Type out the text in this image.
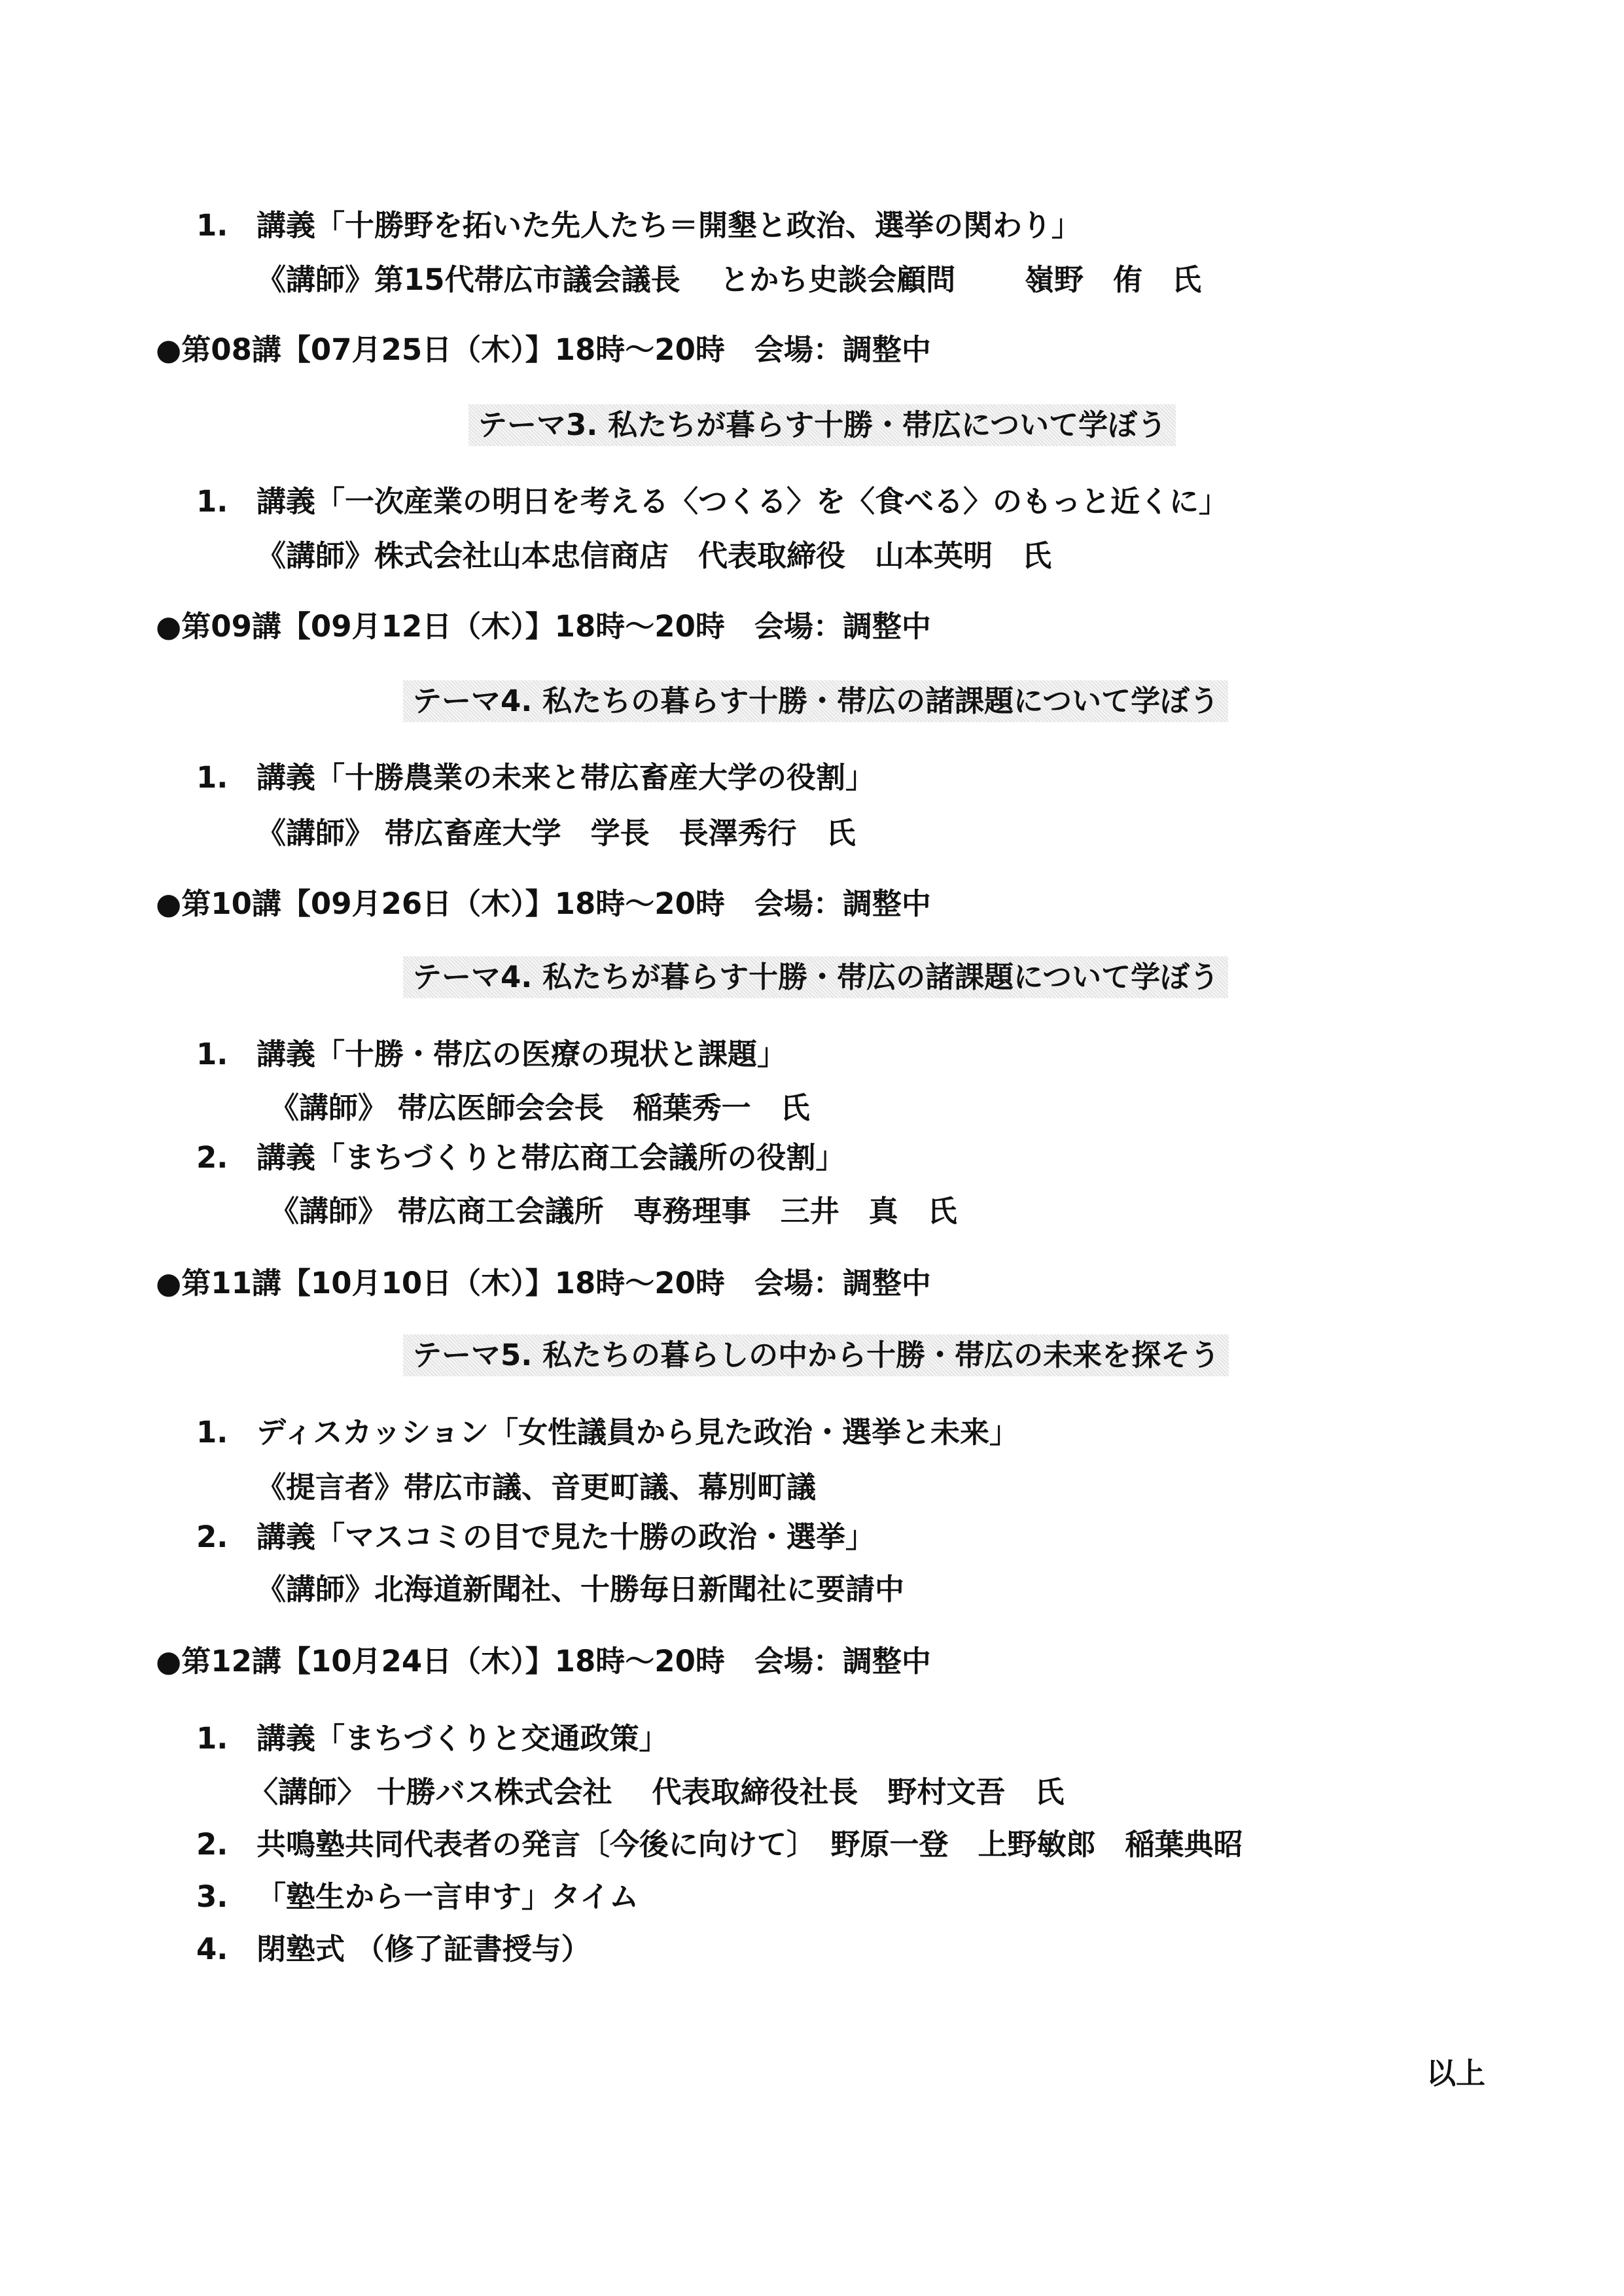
1. 講義「十勝野を拓いた先人たち＝開墾と政治、選挙の関わり」
《講師》第15代帯広市議会議長　 とかち史談会顧問　　 嶺野　侑　氏
●第08講【07月25日（木）】18時～20時　会場：調整中
テーマ3. 私たちが暮らす十勝・帯広について学ぼう
1. 講義「一次産業の明日を考える〈つくる〉を〈食べる〉のもっと近くに」
《講師》株式会社山本忠信商店　代表取締役　山本英明　氏
●第09講【09月12日（木）】18時～20時　会場：調整中
テーマ4. 私たちの暮らす十勝・帯広の諸課題について学ぼう
1. 講義「十勝農業の未来と帯広畜産大学の役割」
《講師》 帯広畜産大学　学長　長澤秀行　氏
●第10講【09月26日（木）】18時～20時　会場：調整中
テーマ4. 私たちが暮らす十勝・帯広の諸課題について学ぼう
1. 講義「十勝・帯広の医療の現状と課題」
《講師》 帯広医師会会長　稲葉秀一　氏
2. 講義「まちづくりと帯広商工会議所の役割」
《講師》 帯広商工会議所　専務理事　三井　真　氏
●第11講【10月10日（木）】18時～20時　会場：調整中
テーマ5. 私たちの暮らしの中から十勝・帯広の未来を探そう
1. ディスカッション「女性議員から見た政治・選挙と未来」
《提言者》帯広市議、音更町議、幕別町議
2. 講義「マスコミの目で見た十勝の政治・選挙」
《講師》北海道新聞社、十勝毎日新聞社に要請中
●第12講【10月24日（木）】18時～20時　会場：調整中
1. 講義「まちづくりと交通政策」
〈講師〉 十勝バス株式会社　 代表取締役社長　野村文吾　氏
2. 共鳴塾共同代表者の発言〔今後に向けて〕　野原一登　上野敏郎　稲葉典昭
3. 「塾生から一言申す」タイム
4. 閉塾式 （修了証書授与）
以上
